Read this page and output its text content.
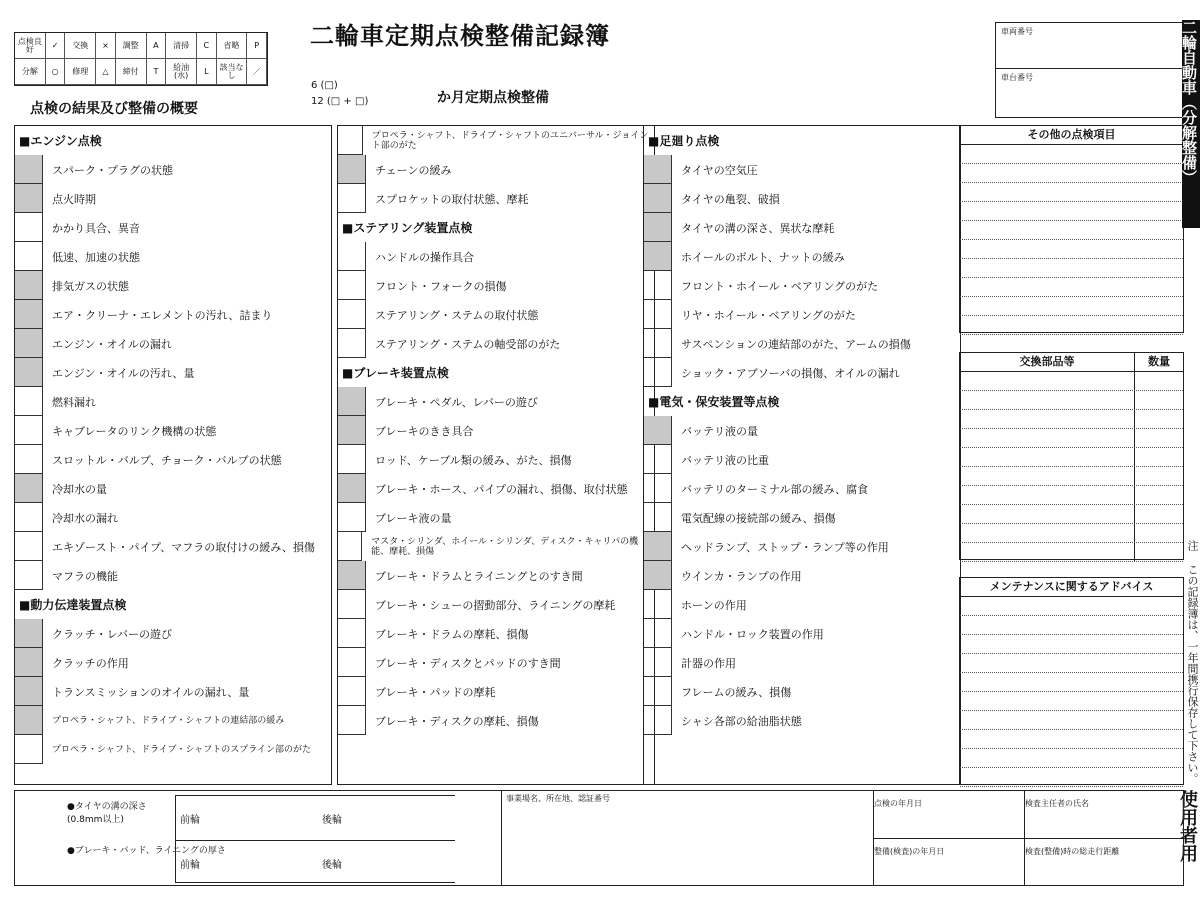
点検良好	✓	交換	×	調整	A	清掃	C	省略	P
分解	○	修理	△	締付	T	給油(水)	L	該当なし	／
二輪車定期点検整備記録簿
6 (□)
12 (□ + □)	か月定期点検整備
点検の結果及び整備の概要
車両番号
車台番号
■エンジン点検
スパーク・プラグの状態
点火時期
かかり具合、異音
低速、加速の状態
排気ガスの状態
エア・クリーナ・エレメントの汚れ、詰まり
エンジン・オイルの漏れ
エンジン・オイルの汚れ、量
燃料漏れ
キャブレータのリンク機構の状態
スロットル・バルブ、チョーク・バルブの状態
冷却水の量
冷却水の漏れ
エキゾースト・パイプ、マフラの取付けの緩み、損傷
マフラの機能
■動力伝達装置点検
クラッチ・レバーの遊び
クラッチの作用
トランスミッションのオイルの漏れ、量
プロペラ・シャフト、ドライブ・シャフトの連結部の緩み
プロペラ・シャフト、ドライブ・シャフトのスプライン部のがた
プロペラ・シャフト、ドライブ・シャフトのユニバーサル・ジョイント部のがた
チェーンの緩み
スプロケットの取付状態、摩耗
■ステアリング装置点検
ハンドルの操作具合
フロント・フォークの損傷
ステアリング・ステムの取付状態
ステアリング・ステムの軸受部のがた
■ブレーキ装置点検
ブレーキ・ペダル、レバーの遊び
ブレーキのきき具合
ロッド、ケーブル類の緩み、がた、損傷
ブレーキ・ホース、パイプの漏れ、損傷、取付状態
ブレーキ液の量
マスタ・シリンダ、ホイール・シリンダ、ディスク・キャリパの機能、摩耗、損傷
ブレーキ・ドラムとライニングとのすき間
ブレーキ・シューの摺動部分、ライニングの摩耗
ブレーキ・ドラムの摩耗、損傷
ブレーキ・ディスクとパッドのすき間
ブレーキ・パッドの摩耗
ブレーキ・ディスクの摩耗、損傷
■足廻り点検
タイヤの空気圧
タイヤの亀裂、破損
タイヤの溝の深さ、異状な摩耗
ホイールのボルト、ナットの緩み
フロント・ホイール・ベアリングのがた
リヤ・ホイール・ベアリングのがた
サスペンションの連結部のがた、アームの損傷
ショック・アブソーバの損傷、オイルの漏れ
■電気・保安装置等点検
バッテリ液の量
バッテリ液の比重
バッテリのターミナル部の緩み、腐食
電気配線の接続部の緩み、損傷
ヘッドランプ、ストップ・ランプ等の作用
ウインカ・ランプの作用
ホーンの作用
ハンドル・ロック装置の作用
計器の作用
フレームの緩み、損傷
シャシ各部の給油脂状態
その他の点検項目
交換部品等	数量
メンテナンスに関するアドバイス
二輪自動車（分解整備）
注 この記録簿は、一年間携行保存して下さい。
使用者用
●タイヤの溝の深さ
(0.8mm以上)
●ブレーキ・パッド、ライニングの厚さ
前輪	後輪
前輪	後輪
事業場名、所在地、認証番号
点検の年月日
整備(検査)の年月日
検査主任者の氏名
検査(整備)時の総走行距離
